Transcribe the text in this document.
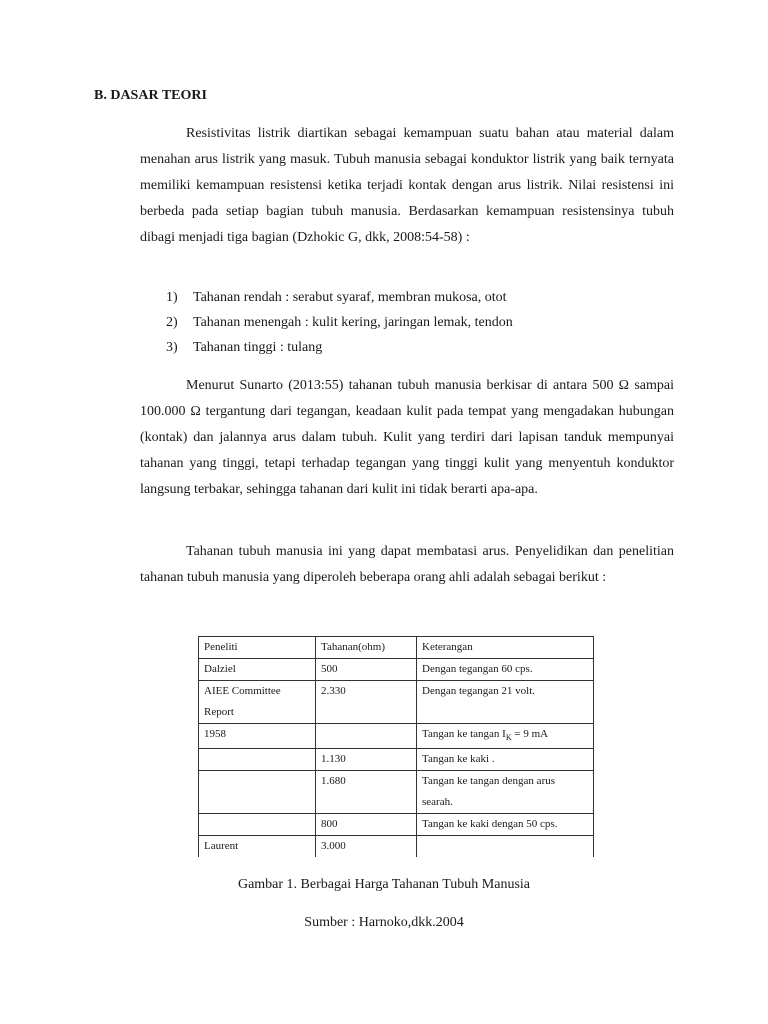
B. DASAR TEORI

Resistivitas listrik diartikan sebagai kemampuan suatu bahan atau material dalam menahan arus listrik yang masuk. Tubuh manusia sebagai konduktor listrik yang baik ternyata memiliki kemampuan resistensi ketika terjadi kontak dengan arus listrik. Nilai resistensi ini berbeda pada setiap bagian tubuh manusia. Berdasarkan kemampuan resistensinya tubuh dibagi menjadi tiga bagian (Dzhokic G, dkk, 2008:54-58) :

1) Tahanan rendah : serabut syaraf, membran mukosa, otot
2) Tahanan menengah : kulit kering, jaringan lemak, tendon
3) Tahanan tinggi : tulang

Menurut Sunarto (2013:55) tahanan tubuh manusia berkisar di antara 500 Ω sampai 100.000 Ω tergantung dari tegangan, keadaan kulit pada tempat yang mengadakan hubungan (kontak) dan jalannya arus dalam tubuh. Kulit yang terdiri dari lapisan tanduk mempunyai tahanan yang tinggi, tetapi terhadap tegangan yang tinggi kulit yang menyentuh konduktor langsung terbakar, sehingga tahanan dari kulit ini tidak berarti apa-apa.

Tahanan tubuh manusia ini yang dapat membatasi arus. Penyelidikan dan penelitian tahanan tubuh manusia yang diperoleh beberapa orang ahli adalah sebagai berikut :

Peneliti	Tahanan(ohm)	Keterangan
Dalziel	500	Dengan tegangan 60 cps.
AIEE Committee Report	2.330	Dengan tegangan 21 volt.
1958		Tangan ke tangan $I_K = 9$ mA
	1.130	Tangan ke kaki .
	1.680	Tangan ke tangan dengan arus searah.
	800	Tangan ke kaki dengan 50 cps.
Laurent	3.000	

Gambar 1. Berbagai Harga Tahanan Tubuh Manusia

Sumber : Harnoko,dkk.2004
